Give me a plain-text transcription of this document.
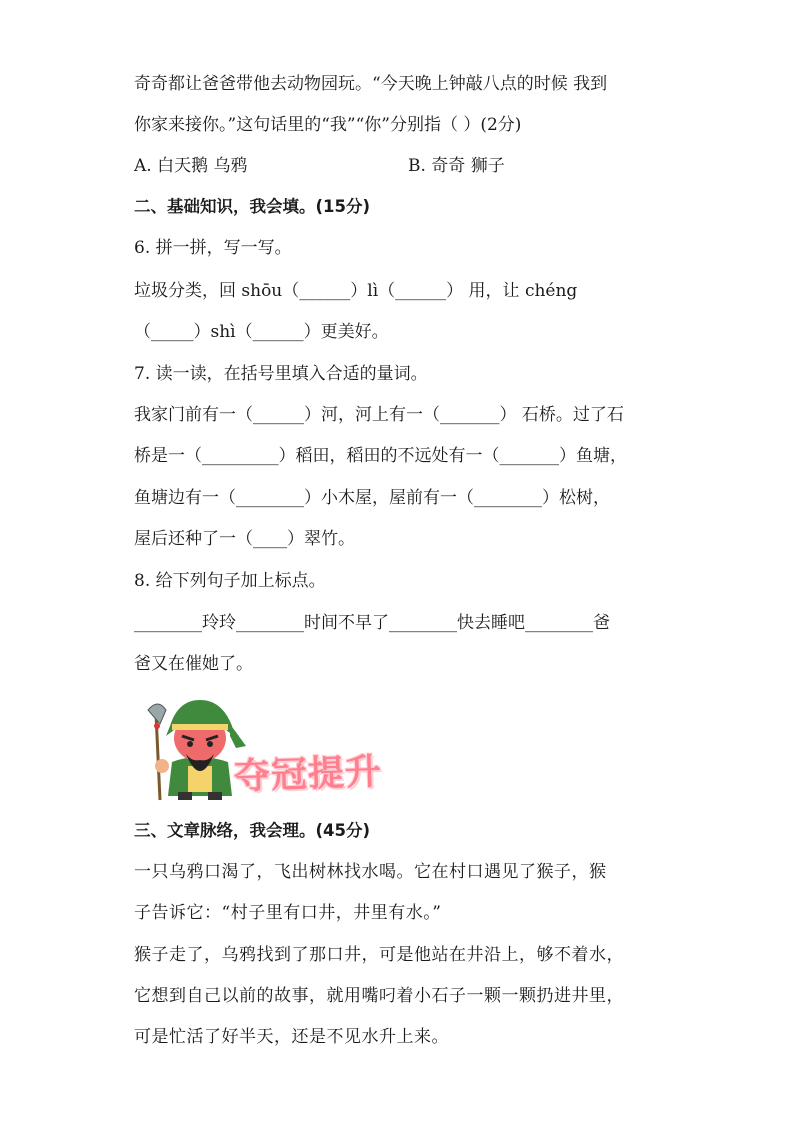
奇奇都让爸爸带他去动物园玩。“今天晚上钟敲八点的时候 我到
你家来接你。”这句话里的“我”“你”分别指（ ）(2分)
A. 白天鹅 乌鸦	B. 奇奇 狮子
二、基础知识，我会填。(15分)
6. 拼一拼，写一写。
垃圾分类，回 shōu（______）lì（______） 用，让 chéng
（_____）shì（______）更美好。
7. 读一读，在括号里填入合适的量词。
我家门前有一（______）河，河上有一（_______） 石桥。过了石
桥是一（_________）稻田，稻田的不远处有一（_______）鱼塘，
鱼塘边有一（________）小木屋，屋前有一（________）松树，
屋后还种了一（____）翠竹。
8. 给下列句子加上标点。
________玲玲________时间不早了________快去睡吧________爸
爸又在催她了。
夺冠提升
三、文章脉络，我会理。(45分)
一只乌鸦口渴了，飞出树林找水喝。它在村口遇见了猴子，猴
子告诉它：“村子里有口井，井里有水。”
猴子走了，乌鸦找到了那口井，可是他站在井沿上，够不着水，
它想到自己以前的故事，就用嘴叼着小石子一颗一颗扔进井里，
可是忙活了好半天，还是不见水升上来。
